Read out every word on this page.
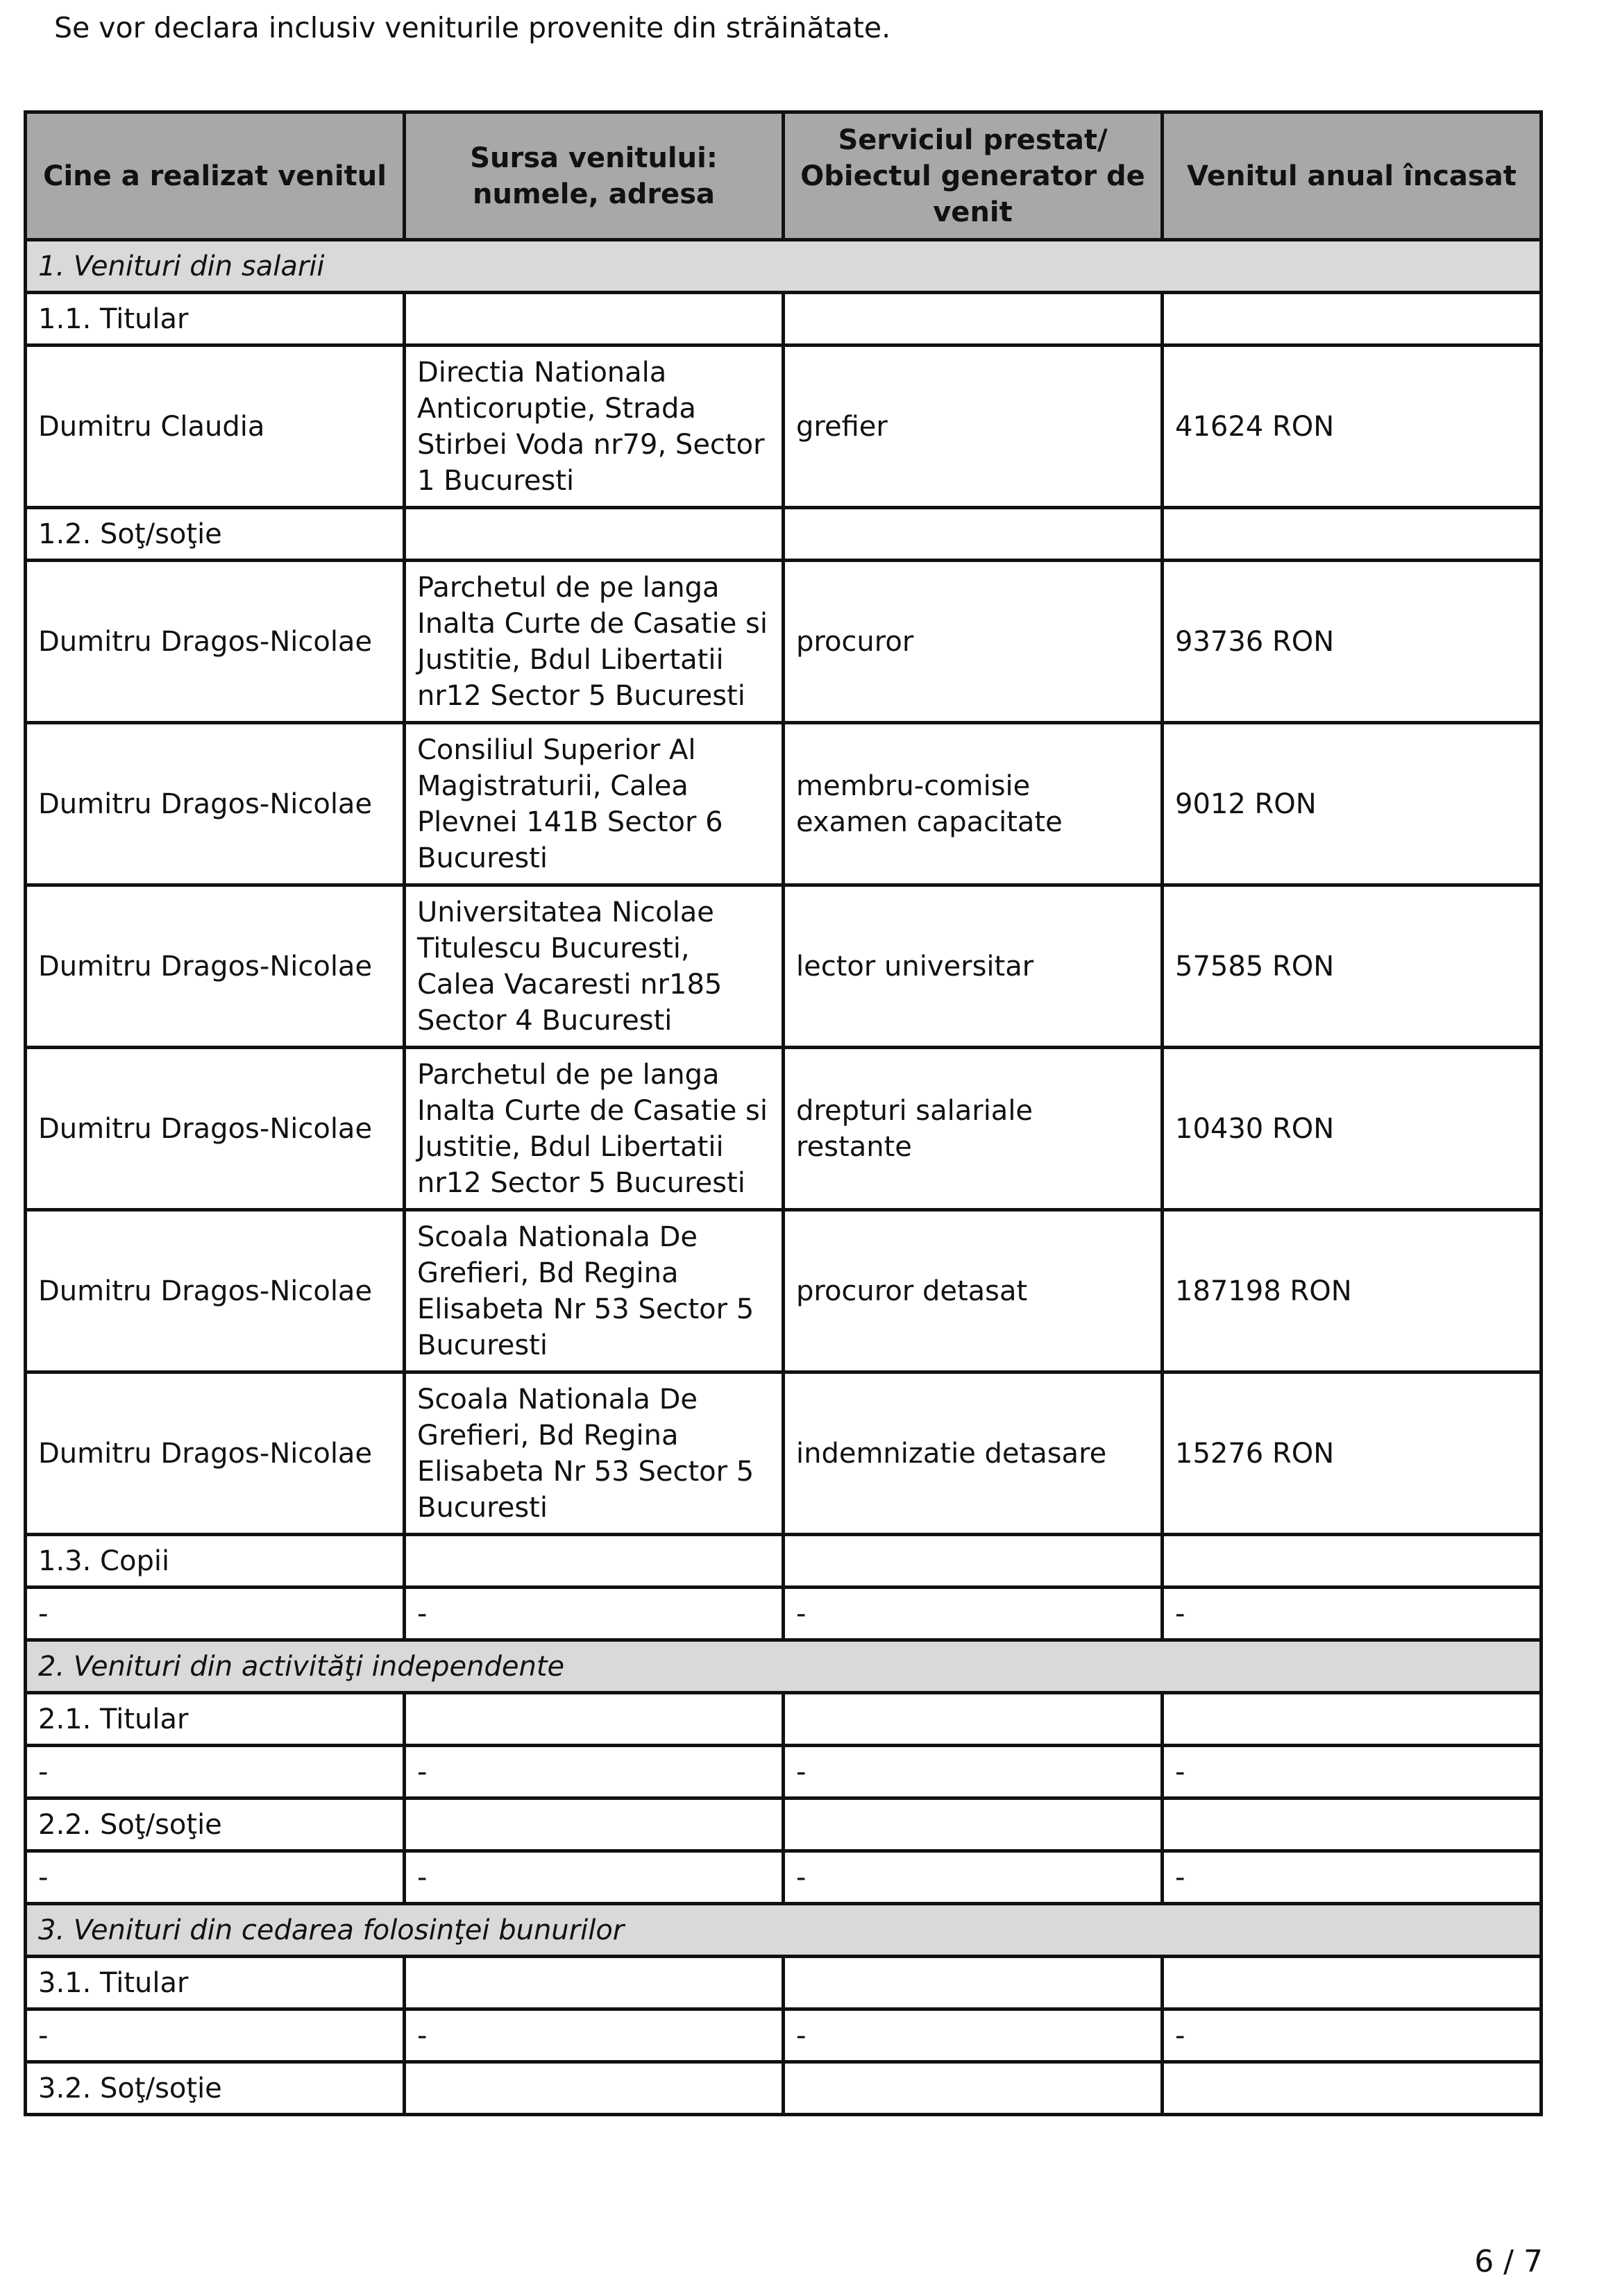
Se vor declara inclusiv veniturile provenite din străinătate.

Cine a realizat venitul	Sursa venitului: numele, adresa	Serviciul prestat/ Obiectul generator de venit	Venitul anual încasat
1. Venituri din salarii			
1.1. Titular			
Dumitru Claudia	Directia Nationala Anticoruptie, Strada Stirbei Voda nr79, Sector 1 Bucuresti	grefier	41624 RON
1.2. Soţ/soţie			
Dumitru Dragos-Nicolae	Parchetul de pe langa Inalta Curte de Casatie si Justitie, Bdul Libertatii nr12 Sector 5 Bucuresti	procuror	93736 RON
Dumitru Dragos-Nicolae	Consiliul Superior Al Magistraturii, Calea Plevnei 141B Sector 6 Bucuresti	membru-comisie examen capacitate	9012 RON
Dumitru Dragos-Nicolae	Universitatea Nicolae Titulescu Bucuresti, Calea Vacaresti nr185 Sector 4 Bucuresti	lector universitar	57585 RON
Dumitru Dragos-Nicolae	Parchetul de pe langa Inalta Curte de Casatie si Justitie, Bdul Libertatii nr12 Sector 5 Bucuresti	drepturi salariale restante	10430 RON
Dumitru Dragos-Nicolae	Scoala Nationala De Grefieri, Bd Regina Elisabeta Nr 53 Sector 5 Bucuresti	procuror detasat	187198 RON
Dumitru Dragos-Nicolae	Scoala Nationala De Grefieri, Bd Regina Elisabeta Nr 53 Sector 5 Bucuresti	indemnizatie detasare	15276 RON
1.3. Copii			
-	-	-	-
2. Venituri din activităţi independente			
2.1. Titular			
-	-	-	-
2.2. Soţ/soţie			
-	-	-	-
3. Venituri din cedarea folosinţei bunurilor			
3.1. Titular			
-	-	-	-
3.2. Soţ/soţie			

6 / 7
